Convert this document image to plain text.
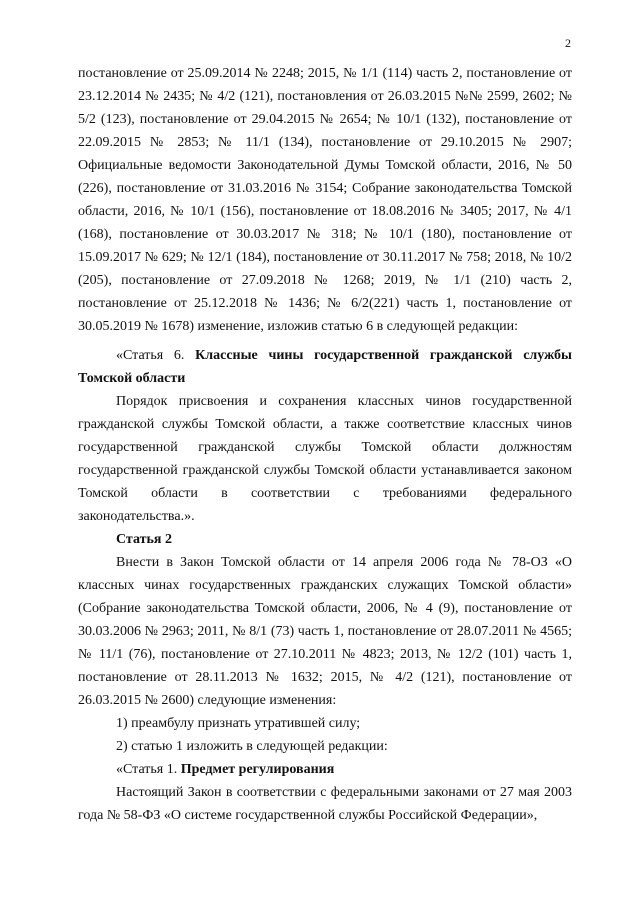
2

постановление от 25.09.2014 № 2248; 2015, № 1/1 (114) часть 2, постановление от 23.12.2014 № 2435; № 4/2 (121), постановления от 26.03.2015 №№ 2599, 2602; № 5/2 (123), постановление от 29.04.2015 № 2654; № 10/1 (132), постановление от 22.09.2015 № 2853; № 11/1 (134), постановление от 29.10.2015 № 2907; Официальные ведомости Законодательной Думы Томской области, 2016, № 50 (226), постановление от 31.03.2016 № 3154; Собрание законодательства Томской области, 2016, № 10/1 (156), постановление от 18.08.2016 № 3405; 2017, № 4/1 (168), постановление от 30.03.2017 № 318; № 10/1 (180), постановление от 15.09.2017 № 629; № 12/1 (184), постановление от 30.11.2017 № 758; 2018, № 10/2 (205), постановление от 27.09.2018 № 1268; 2019, № 1/1 (210) часть 2, постановление от 25.12.2018 № 1436; № 6/2(221) часть 1, постановление от 30.05.2019 № 1678) изменение, изложив статью 6 в следующей редакции:

«Статья 6. Классные чины государственной гражданской службы Томской области

Порядок присвоения и сохранения классных чинов государственной гражданской службы Томской области, а также соответствие классных чинов государственной гражданской службы Томской области должностям государственной гражданской службы Томской области устанавливается законом Томской области в соответствии с требованиями федерального законодательства.».

Статья 2

Внести в Закон Томской области от 14 апреля 2006 года № 78-ОЗ «О классных чинах государственных гражданских служащих Томской области» (Собрание законодательства Томской области, 2006, № 4 (9), постановление от 30.03.2006 № 2963; 2011, № 8/1 (73) часть 1, постановление от 28.07.2011 № 4565; № 11/1 (76), постановление от 27.10.2011 № 4823; 2013, № 12/2 (101) часть 1, постановление от 28.11.2013 № 1632; 2015, № 4/2 (121), постановление от 26.03.2015 № 2600) следующие изменения:

1) преамбулу признать утратившей силу;

2) статью 1 изложить в следующей редакции:

«Статья 1. Предмет регулирования

Настоящий Закон в соответствии с федеральными законами от 27 мая 2003 года № 58-ФЗ «О системе государственной службы Российской Федерации»,
